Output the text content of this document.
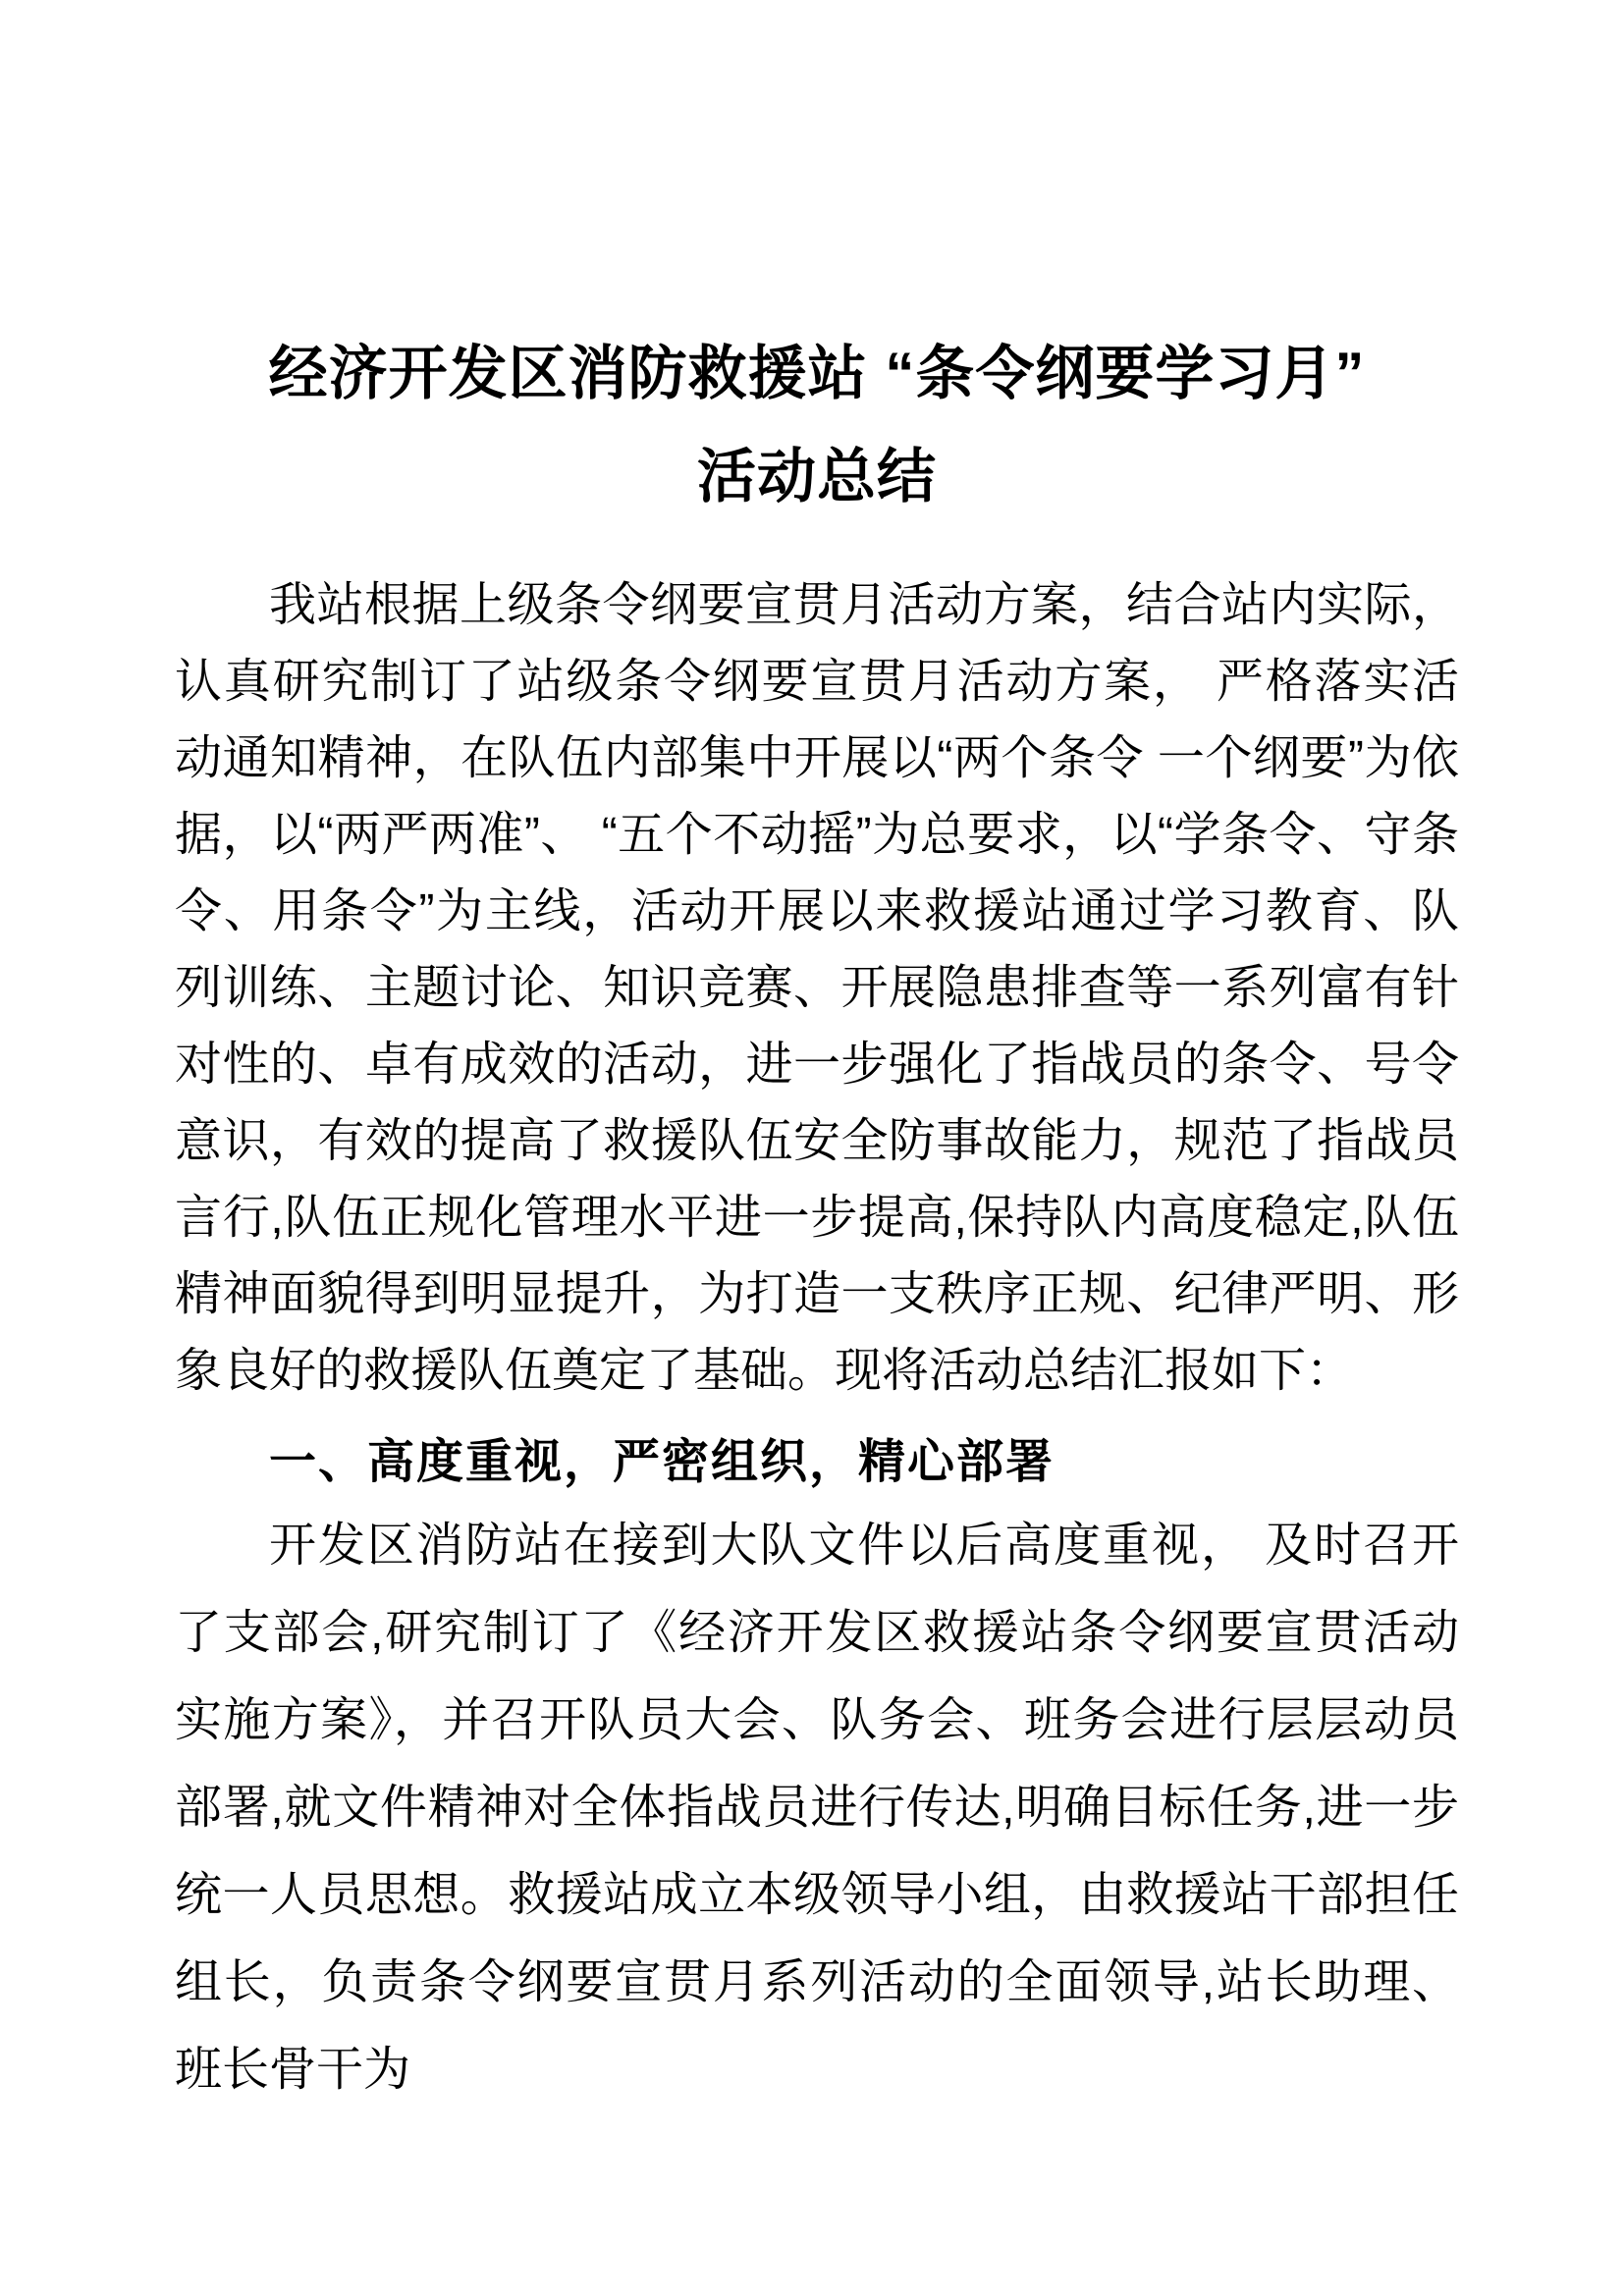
经济开发区消防救援站 “条令纲要学习月”
活动总结

我站根据上级条令纲要宣贯月活动方案，结合站内实际，认真研究制订了站级条令纲要宣贯月活动方案， 严格落实活动通知精神，在队伍内部集中开展以“两个条令 一个纲要”为依据，以“两严两准”、 “五个不动摇”为总要求，以“学条令、守条令、用条令”为主线，活动开展以来救援站通过学习教育、队列训练、主题讨论、知识竞赛、开展隐患排查等一系列富有针对性的、卓有成效的活动，进一步强化了指战员的条令、号令意识，有效的提高了救援队伍安全防事故能力，规范了指战员言行,队伍正规化管理水平进一步提高,保持队内高度稳定,队伍精神面貌得到明显提升，为打造一支秩序正规、纪律严明、形象良好的救援队伍奠定了基础。现将活动总结汇报如下：

一、高度重视，严密组织，精心部署

开发区消防站在接到大队文件以后高度重视， 及时召开了支部会,研究制订了《经济开发区救援站条令纲要宣贯活动实施方案》，并召开队员大会、队务会、班务会进行层层动员部署,就文件精神对全体指战员进行传达,明确目标任务,进一步统一人员思想。救援站成立本级领导小组，由救援站干部担任组长，负责条令纲要宣贯月系列活动的全面领导,站长助理、班长骨干为
